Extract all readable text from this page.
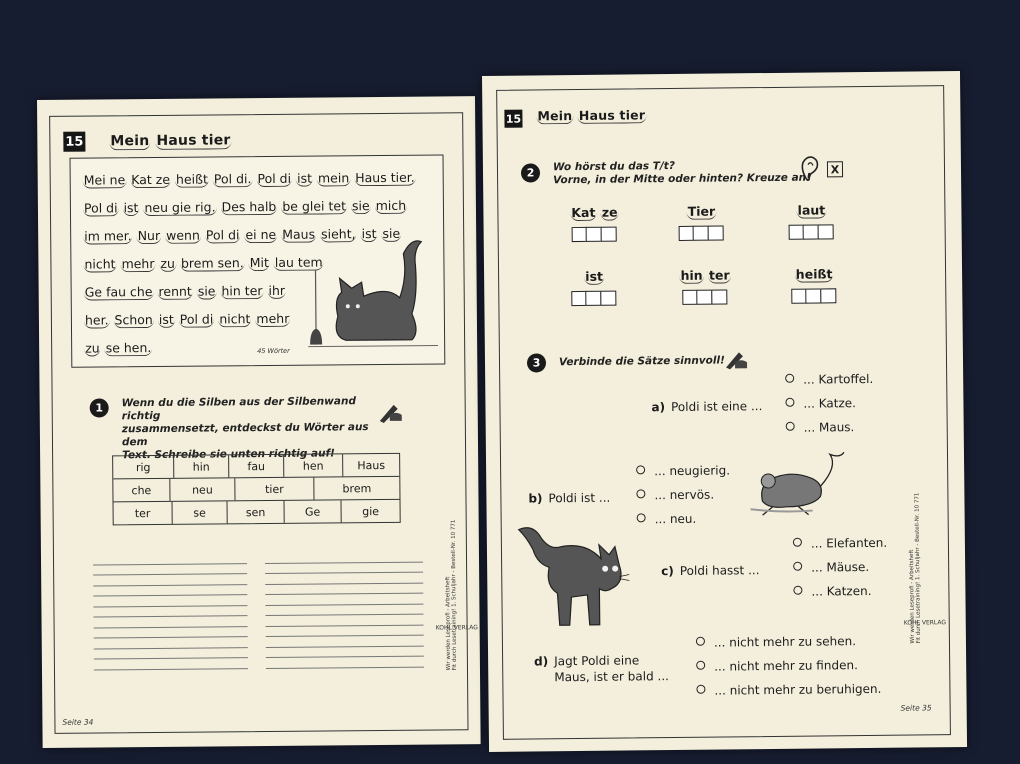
15 Mein Haus tier
Mei ne Kat ze heißt Pol di. Pol di ist mein Haus tier.
Pol di ist neu gie rig. Des halb be glei tet sie mich
im mer. Nur wenn Pol di ei ne Maus sieht, ist sie
nicht mehr zu brem sen. Mit lau tem
Ge fau che rennt sie hin ter ihr
her. Schon ist Pol di nicht mehr
zu se hen.	45 Wörter
1	Wenn du die Silben aus der Silbenwand richtig
zusammensetzt, entdeckst du Wörter aus dem
Text. Schreibe sie unten richtig auf!
rig	hin	fau	hen	Haus
che	neu	tier	brem
ter	se	sen	Ge	gie
Wir werden Leseprofi - Arbeitsheft
Fit durch Lesetraining! 1. Schuljahr - Bestell-Nr. 10 771
KOHL VERLAG
Seite 34
15 Mein Haus tier
2	Wo hörst du das T/t?
Vorne, in der Mitte oder hinten? Kreuze an!
X
Kat ze	Tier	laut
ist	hin ter	heißt
3	Verbinde die Sätze sinnvoll!
a) Poldi ist eine ...
... Kartoffel.
... Katze.
... Maus.
b) Poldi ist ...
... neugierig.
... nervös.
... neu.
c) Poldi hasst ...
... Elefanten.
... Mäuse.
... Katzen.
d) Jagt Poldi eine
Maus, ist er bald ...
... nicht mehr zu sehen.
... nicht mehr zu finden.
... nicht mehr zu beruhigen.
Wir werden Leseprofi - Arbeitsheft
Fit durch Lesetraining! 1. Schuljahr - Bestell-Nr. 10 771
KOHL VERLAG
Seite 35
